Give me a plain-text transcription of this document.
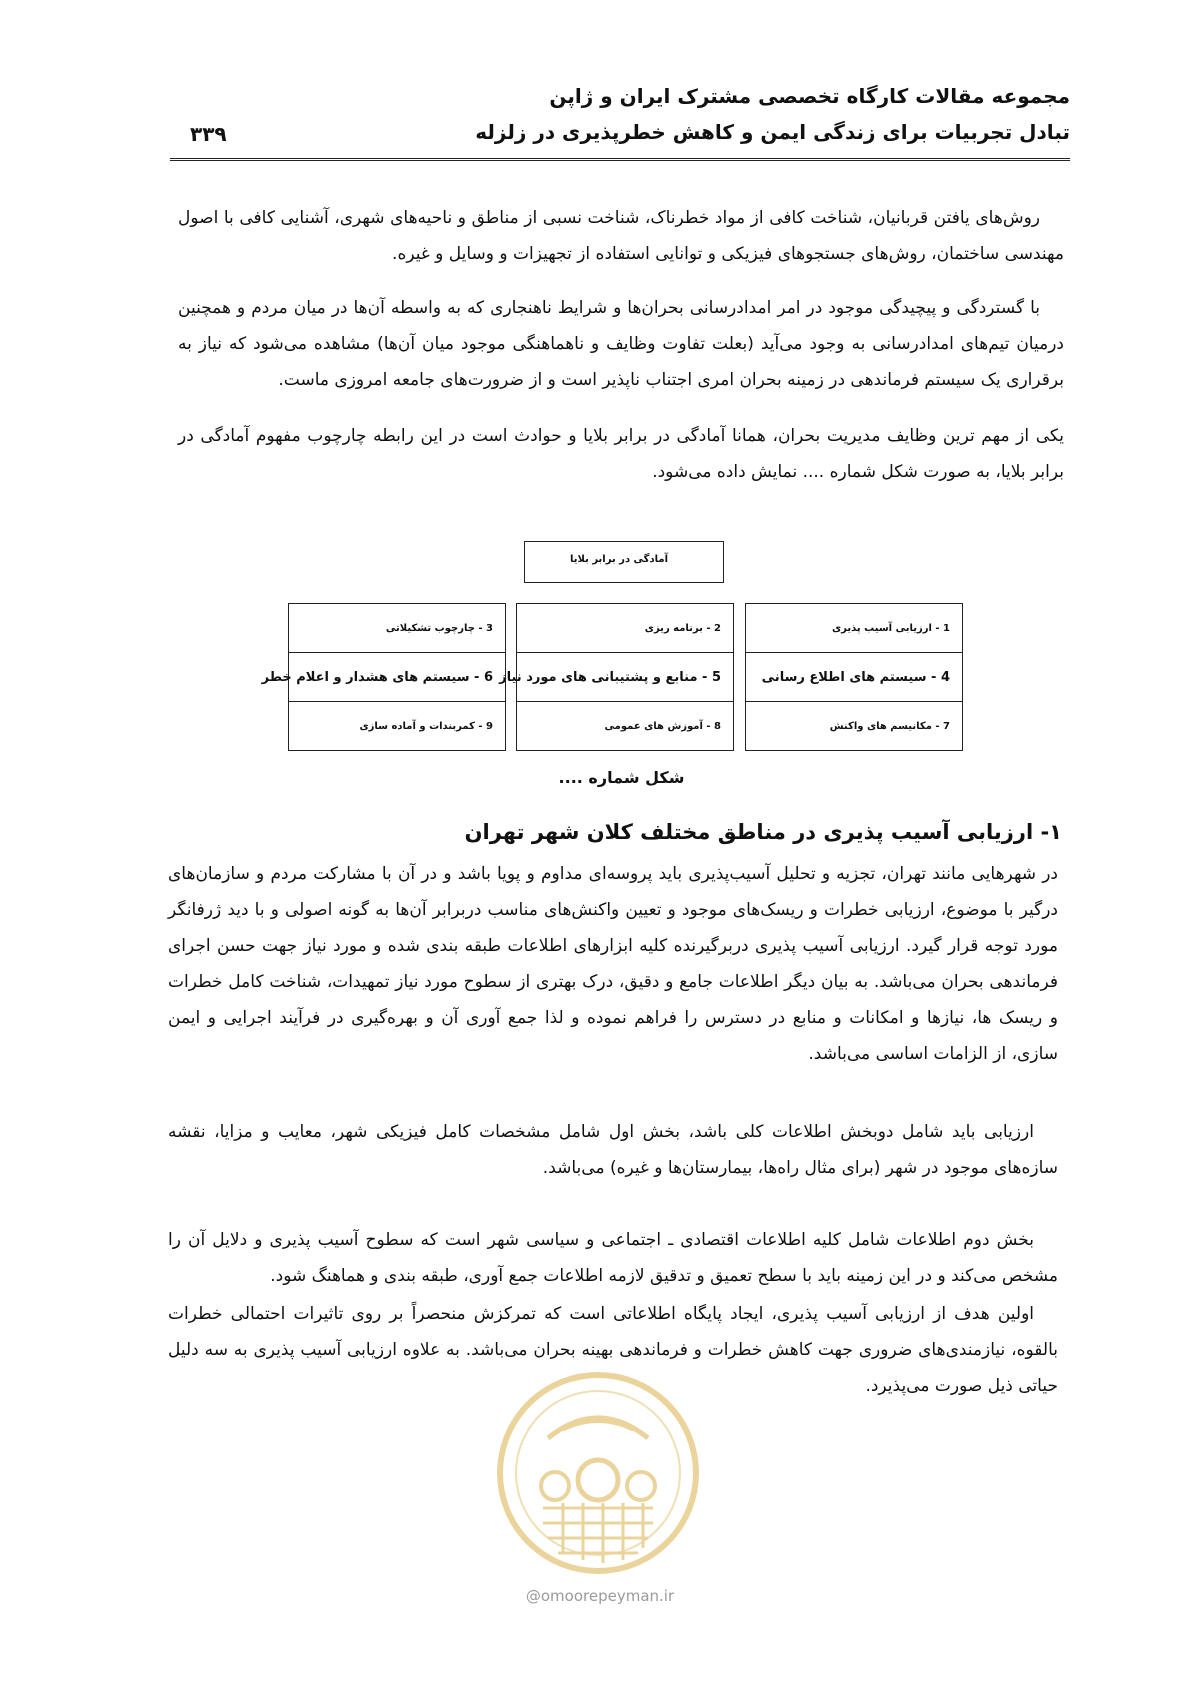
مجموعه مقالات کارگاه تخصصی مشترک ایران و ژاپن
تبادل تجربیات برای زندگی ایمن و کاهش خطرپذیری در زلزله
۳۳۹

روش‌های یافتن قربانیان، شناخت کافی از مواد خطرناک، شناخت نسبی از مناطق و ناحیه‌های شهری، آشنایی کافی با اصول مهندسی ساختمان، روش‌های جستجوهای فیزیکی و توانایی استفاده از تجهیزات و وسایل و غیره.

با گستردگی و پیچیدگی موجود در امر امدادرسانی بحران‌ها و شرایط ناهنجاری که به واسطه آن‌ها در میان مردم و همچنین درمیان تیم‌های امدادرسانی به وجود می‌آید (بعلت تفاوت وظایف و ناهماهنگی موجود میان آن‌ها) مشاهده می‌شود که نیاز به برقراری یک سیستم فرماندهی در زمینه بحران امری اجتناب ناپذیر است و از ضرورت‌های جامعه امروزی ماست.

یکی از مهم ترین وظایف مدیریت بحران، همانا آمادگی در برابر بلایا و حوادث است در این رابطه چارچوب مفهوم آمادگی در برابر بلایا، به صورت شکل شماره .... نمایش داده می‌شود.

آمادگی در برابر بلایا
3 - چارچوب تشکیلاتی
6 - سیستم های هشدار و اعلام خطر
9 - کمربندات و آماده سازی
2 - برنامه ریزی
5 - منابع و پشتیبانی های مورد نیاز
8 - آموزش های عمومی
1 - ارزیابی آسیب پذیری
4 - سیستم های اطلاع رسانی
7 - مکانیسم های واکنش
شکل شماره ....
۱- ارزیابی آسیب پذیری در مناطق مختلف کلان شهر تهران

در شهرهایی مانند تهران، تجزیه و تحلیل آسیب‌پذیری باید پروسه‌ای مداوم و پویا باشد و در آن با مشارکت مردم و سازمان‌های درگیر با موضوع، ارزیابی خطرات و ریسک‌های موجود و تعیین واکنش‌های مناسب دربرابر آن‌ها به گونه اصولی و با دید ژرفانگر مورد توجه قرار گیرد. ارزیابی آسیب پذیری دربرگیرنده کلیه ابزارهای اطلاعات طبقه بندی شده و مورد نیاز جهت حسن اجرای فرماندهی بحران می‌باشد. به بیان دیگر اطلاعات جامع و دقیق، درک بهتری از سطوح مورد نیاز تمهیدات، شناخت کامل خطرات و ریسک ها، نیازها و امکانات و منابع در دسترس را فراهم نموده و لذا جمع آوری آن و بهره‌گیری در فرآیند اجرایی و ایمن سازی، از الزامات اساسی می‌باشد.

ارزیابی باید شامل دوبخش اطلاعات کلی باشد، بخش اول شامل مشخصات کامل فیزیکی شهر، معایب و مزایا، نقشه سازه‌های موجود در شهر (برای مثال راه‌ها، بیمارستان‌ها و غیره) می‌باشد.

بخش دوم اطلاعات شامل کلیه اطلاعات اقتصادی ـ اجتماعی و سیاسی شهر است که سطوح آسیب پذیری و دلایل آن را مشخص می‌کند و در این زمینه باید با سطح تعمیق و تدقیق لازمه اطلاعات جمع آوری، طبقه بندی و هماهنگ شود.

اولین هدف از ارزیابی آسیب پذیری، ایجاد پایگاه اطلاعاتی است که تمرکزش منحصراً بر روی تاثیرات احتمالی خطرات بالقوه، نیازمندی‌های ضروری جهت کاهش خطرات و فرماندهی بهینه بحران می‌باشد. به علاوه ارزیابی آسیب پذیری به سه دلیل حیاتی ذیل صورت می‌پذیرد.

@omoorepeyman.ir
